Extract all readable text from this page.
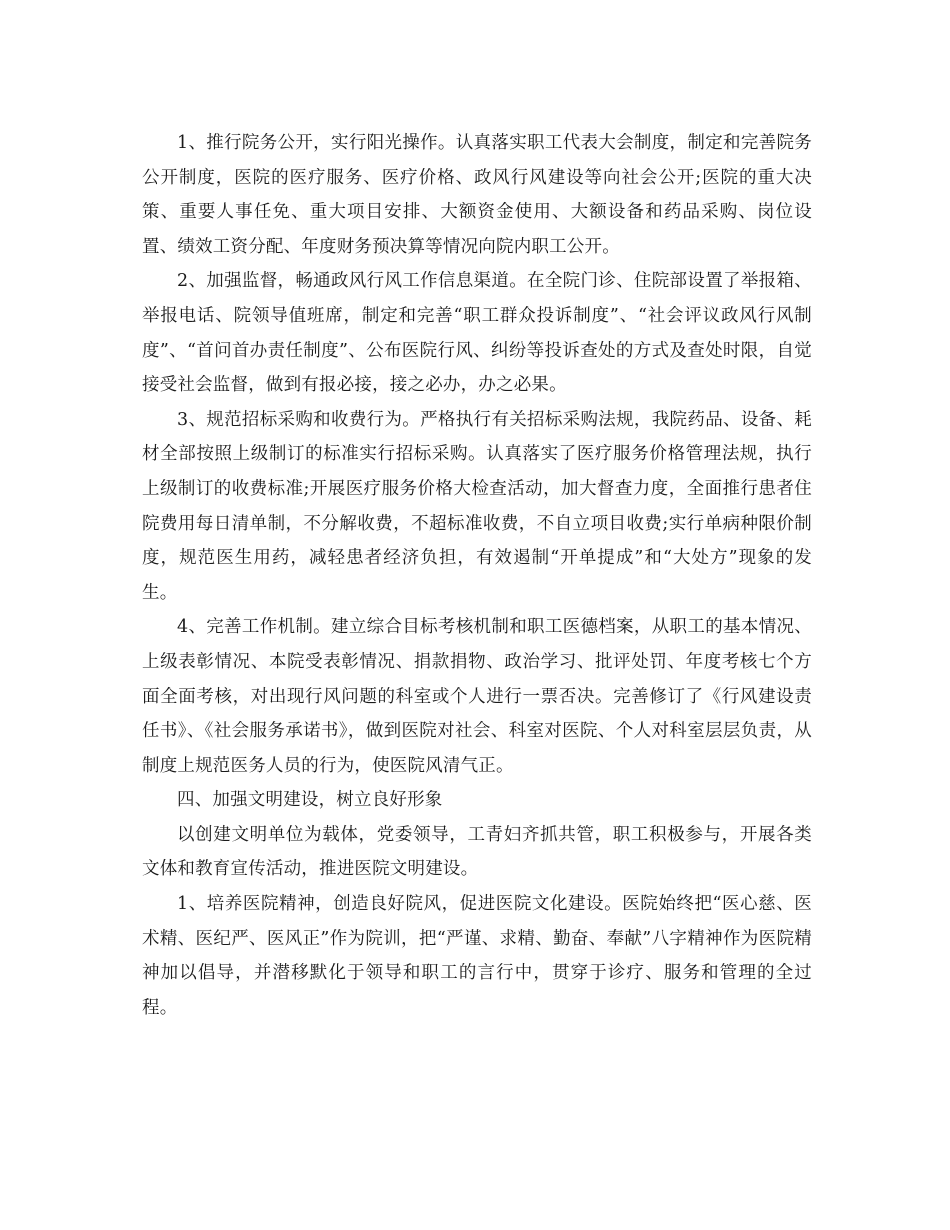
1、推行院务公开，实行阳光操作。认真落实职工代表大会制度，制定和完善院务公开制度，医院的医疗服务、医疗价格、政风行风建设等向社会公开;医院的重大决策、重要人事任免、重大项目安排、大额资金使用、大额设备和药品采购、岗位设置、绩效工资分配、年度财务预决算等情况向院内职工公开。

2、加强监督，畅通政风行风工作信息渠道。在全院门诊、住院部设置了举报箱、举报电话、院领导值班席，制定和完善“职工群众投诉制度”、“社会评议政风行风制度”、“首问首办责任制度”、公布医院行风、纠纷等投诉查处的方式及查处时限，自觉接受社会监督，做到有报必接，接之必办，办之必果。

3、规范招标采购和收费行为。严格执行有关招标采购法规，我院药品、设备、耗材全部按照上级制订的标准实行招标采购。认真落实了医疗服务价格管理法规，执行上级制订的收费标准;开展医疗服务价格大检查活动，加大督查力度，全面推行患者住院费用每日清单制，不分解收费，不超标准收费，不自立项目收费;实行单病种限价制度，规范医生用药，减轻患者经济负担，有效遏制“开单提成”和“大处方”现象的发生。

4、完善工作机制。建立综合目标考核机制和职工医德档案，从职工的基本情况、上级表彰情况、本院受表彰情况、捐款捐物、政治学习、批评处罚、年度考核七个方面全面考核，对出现行风问题的科室或个人进行一票否决。完善修订了《行风建设责任书》、《社会服务承诺书》，做到医院对社会、科室对医院、个人对科室层层负责，从制度上规范医务人员的行为，使医院风清气正。

四、加强文明建设，树立良好形象

以创建文明单位为载体，党委领导，工青妇齐抓共管，职工积极参与，开展各类文体和教育宣传活动，推进医院文明建设。

1、培养医院精神，创造良好院风，促进医院文化建设。医院始终把“医心慈、医术精、医纪严、医风正”作为院训，把“严谨、求精、勤奋、奉献”八字精神作为医院精神加以倡导，并潜移默化于领导和职工的言行中，贯穿于诊疗、服务和管理的全过程。
